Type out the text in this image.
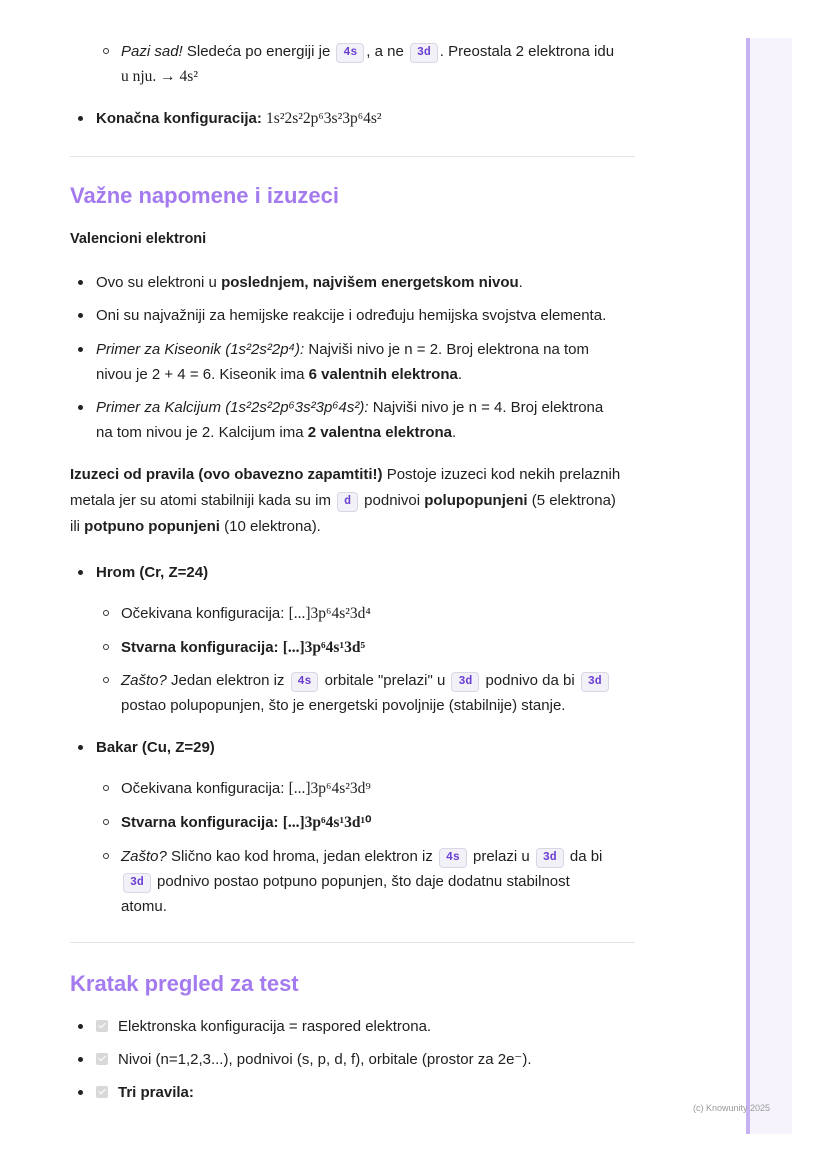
Pazi sad! Sledeća po energiji je 4s , a ne 3d . Preostala 2 elektrona idu
u nju. → 4s²
Konačna konfiguracija: 1s²2s²2p⁶3s²3p⁶4s²
Važne napomene i izuzeci
Valencioni elektroni
Ovo su elektroni u poslednjem, najvišem energetskom nivou.
Oni su najvažniji za hemijske reakcije i određuju hemijska svojstva elementa.
Primer za Kiseonik (1s²2s²2p⁴): Najviši nivo je n = 2. Broj elektrona na tom
nivou je 2 + 4 = 6. Kiseonik ima 6 valentnih elektrona.
Primer za Kalcijum (1s²2s²2p⁶3s²3p⁶4s²): Najviši nivo je n = 4. Broj elektrona
na tom nivou je 2. Kalcijum ima 2 valentna elektrona.
Izuzeci od pravila (ovo obavezno zapamtiti!) Postoje izuzeci kod nekih prelaznih
metala jer su atomi stabilniji kada su im d podnivoi polupopunjeni (5 elektrona)
ili potpuno popunjeni (10 elektrona).
Hrom (Cr, Z=24)
Očekivana konfiguracija: [...]3p⁶4s²3d⁴
Stvarna konfiguracija: [...]3p⁶4s¹3d⁵
Zašto? Jedan elektron iz 4s orbitale "prelazi" u 3d podnivo da bi 3d
postao polupopunjen, što je energetski povoljnije (stabilnije) stanje.
Bakar (Cu, Z=29)
Očekivana konfiguracija: [...]3p⁶4s²3d⁹
Stvarna konfiguracija: [...]3p⁶4s¹3d¹⁰
Zašto? Slično kao kod hroma, jedan elektron iz 4s prelazi u 3d da bi
3d podnivo postao potpuno popunjen, što daje dodatnu stabilnost
atomu.
Kratak pregled za test
Elektronska konfiguracija = raspored elektrona.
Nivoi (n=1,2,3...), podnivoi (s, p, d, f), orbitale (prostor za 2e⁻).
Tri pravila:
(c) Knowunity 2025
